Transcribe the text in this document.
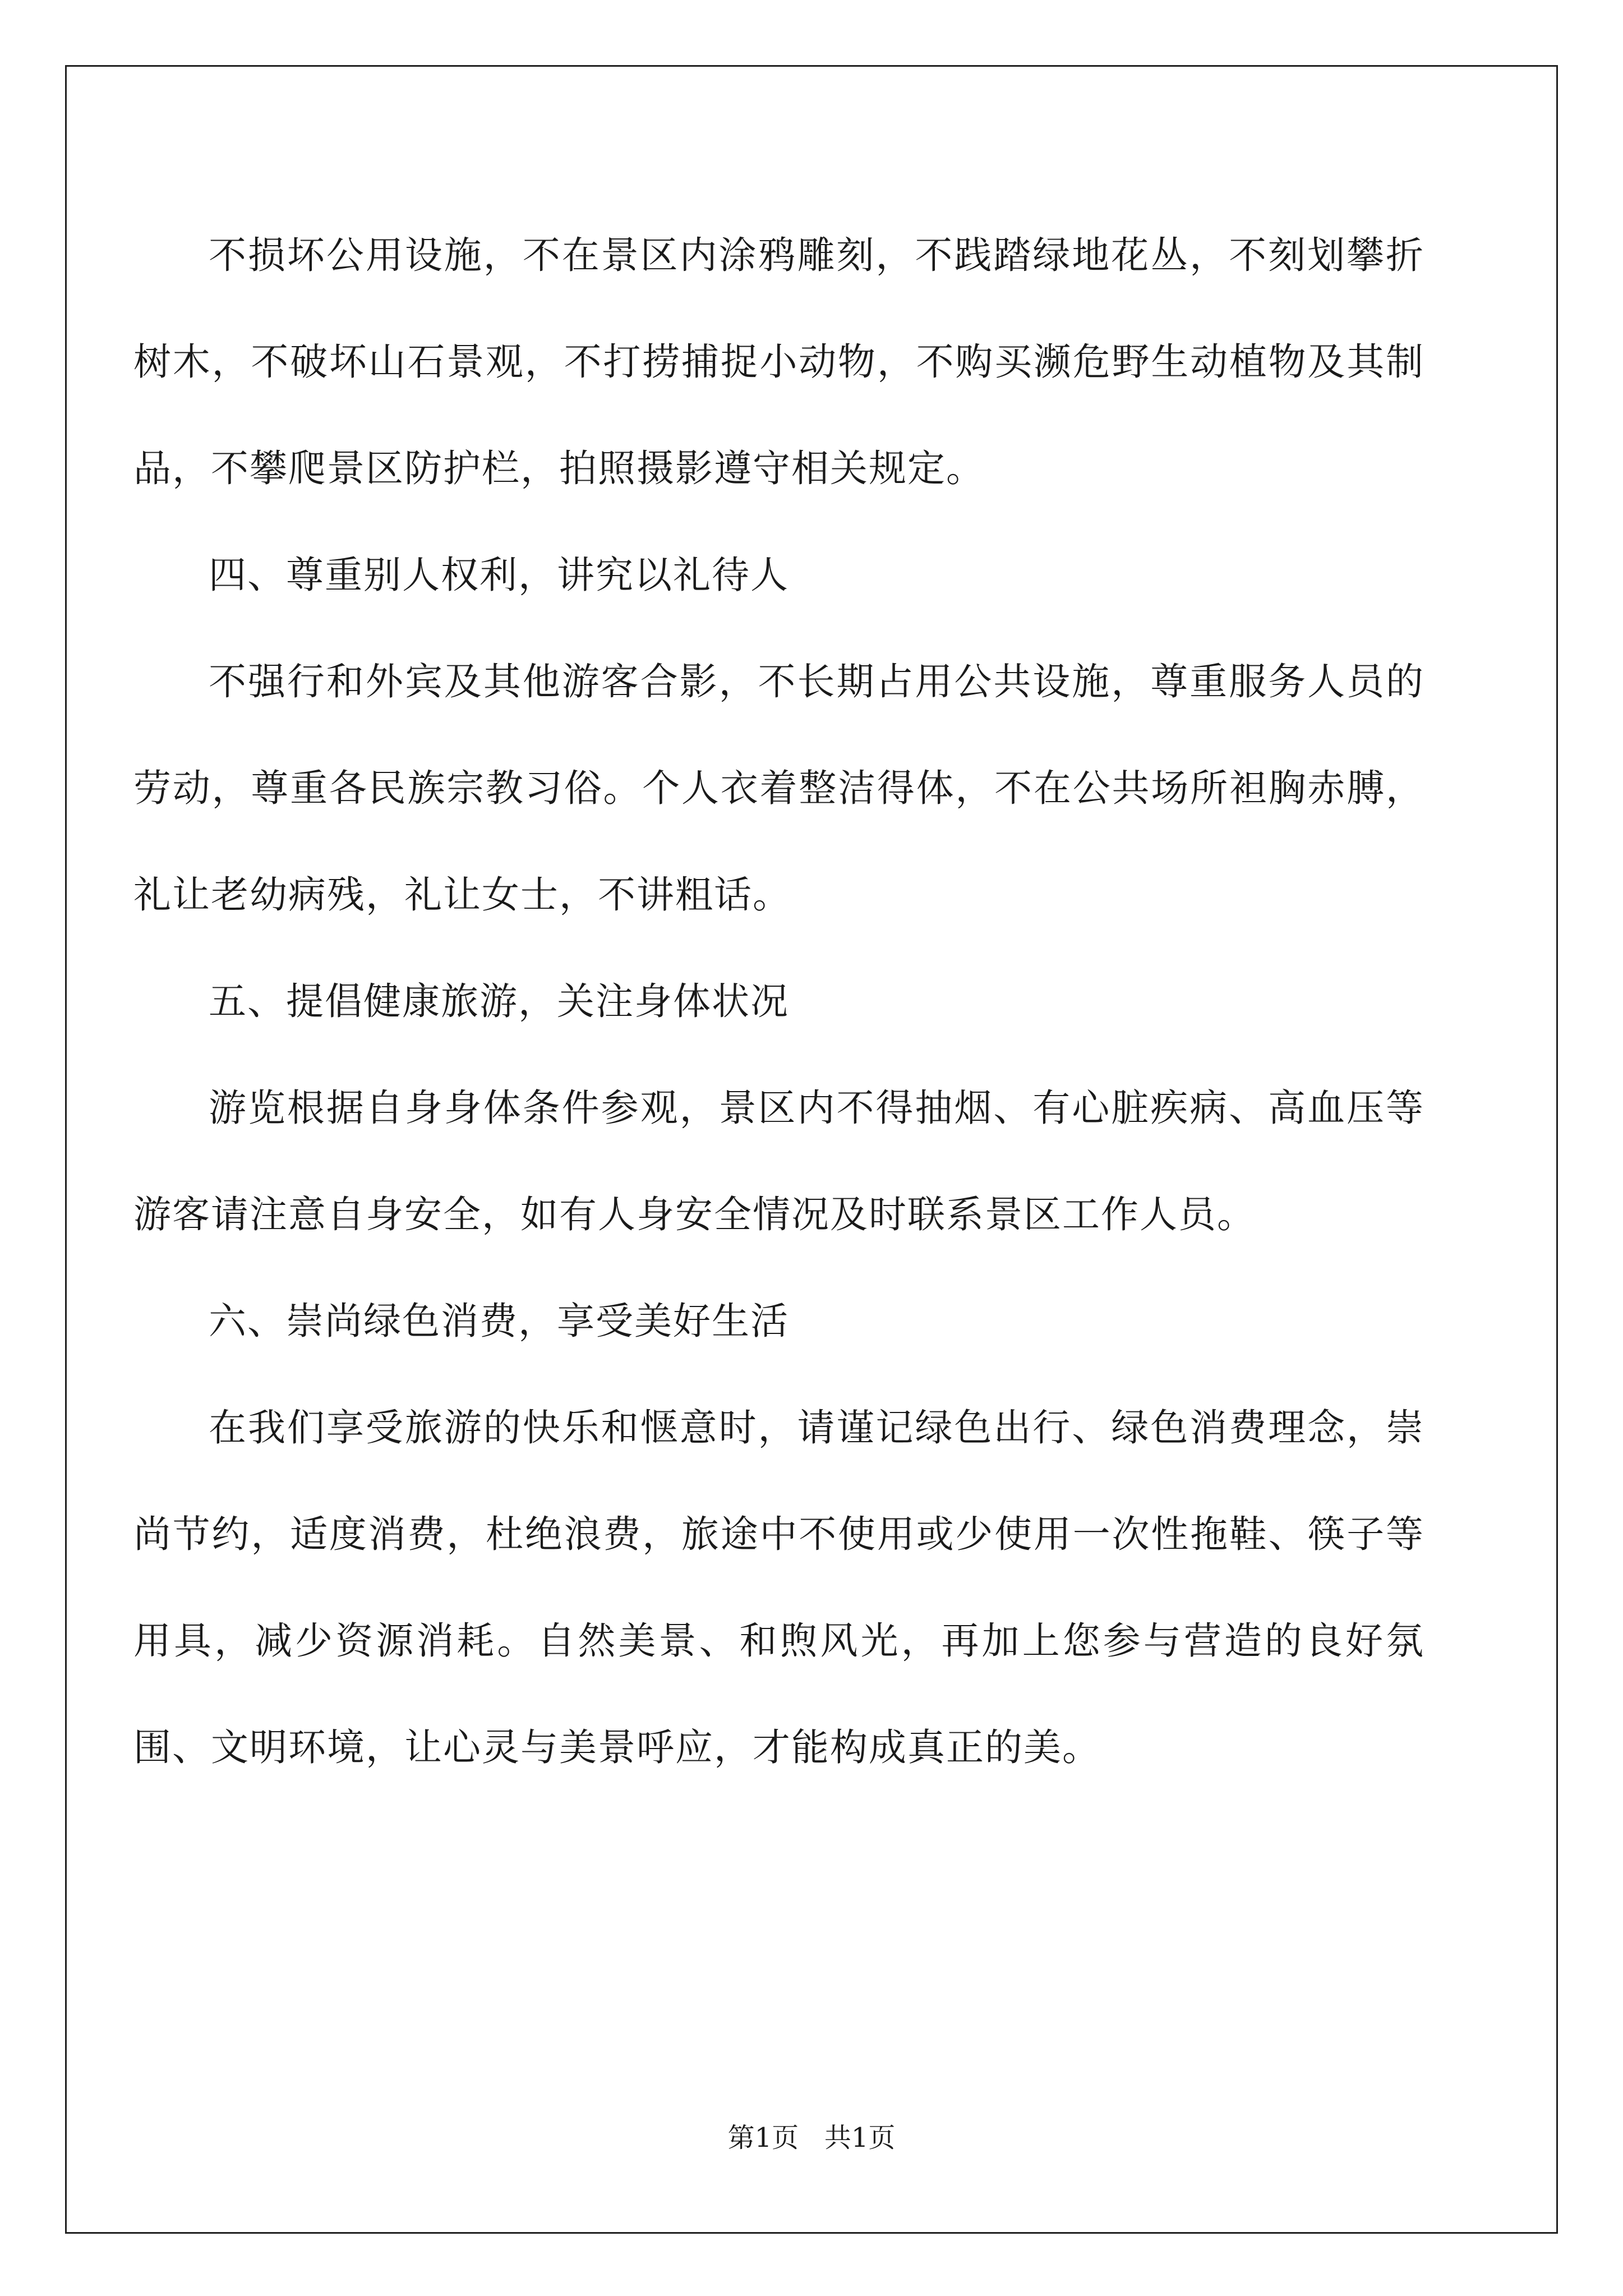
不损坏公用设施，不在景区内涂鸦雕刻，不践踏绿地花丛，不刻划攀折树木，不破坏山石景观，不打捞捕捉小动物，不购买濒危野生动植物及其制品，不攀爬景区防护栏，拍照摄影遵守相关规定。

四、尊重别人权利，讲究以礼待人

不强行和外宾及其他游客合影，不长期占用公共设施，尊重服务人员的劳动，尊重各民族宗教习俗。个人衣着整洁得体，不在公共场所袒胸赤膊，礼让老幼病残，礼让女士，不讲粗话。

五、提倡健康旅游，关注身体状况

游览根据自身身体条件参观，景区内不得抽烟、有心脏疾病、高血压等游客请注意自身安全，如有人身安全情况及时联系景区工作人员。

六、崇尚绿色消费，享受美好生活

在我们享受旅游的快乐和惬意时，请谨记绿色出行、绿色消费理念，崇尚节约，适度消费，杜绝浪费，旅途中不使用或少使用一次性拖鞋、筷子等用具，减少资源消耗。自然美景、和煦风光，再加上您参与营造的良好氛围、文明环境，让心灵与美景呼应，才能构成真正的美。

第1页   共1页
